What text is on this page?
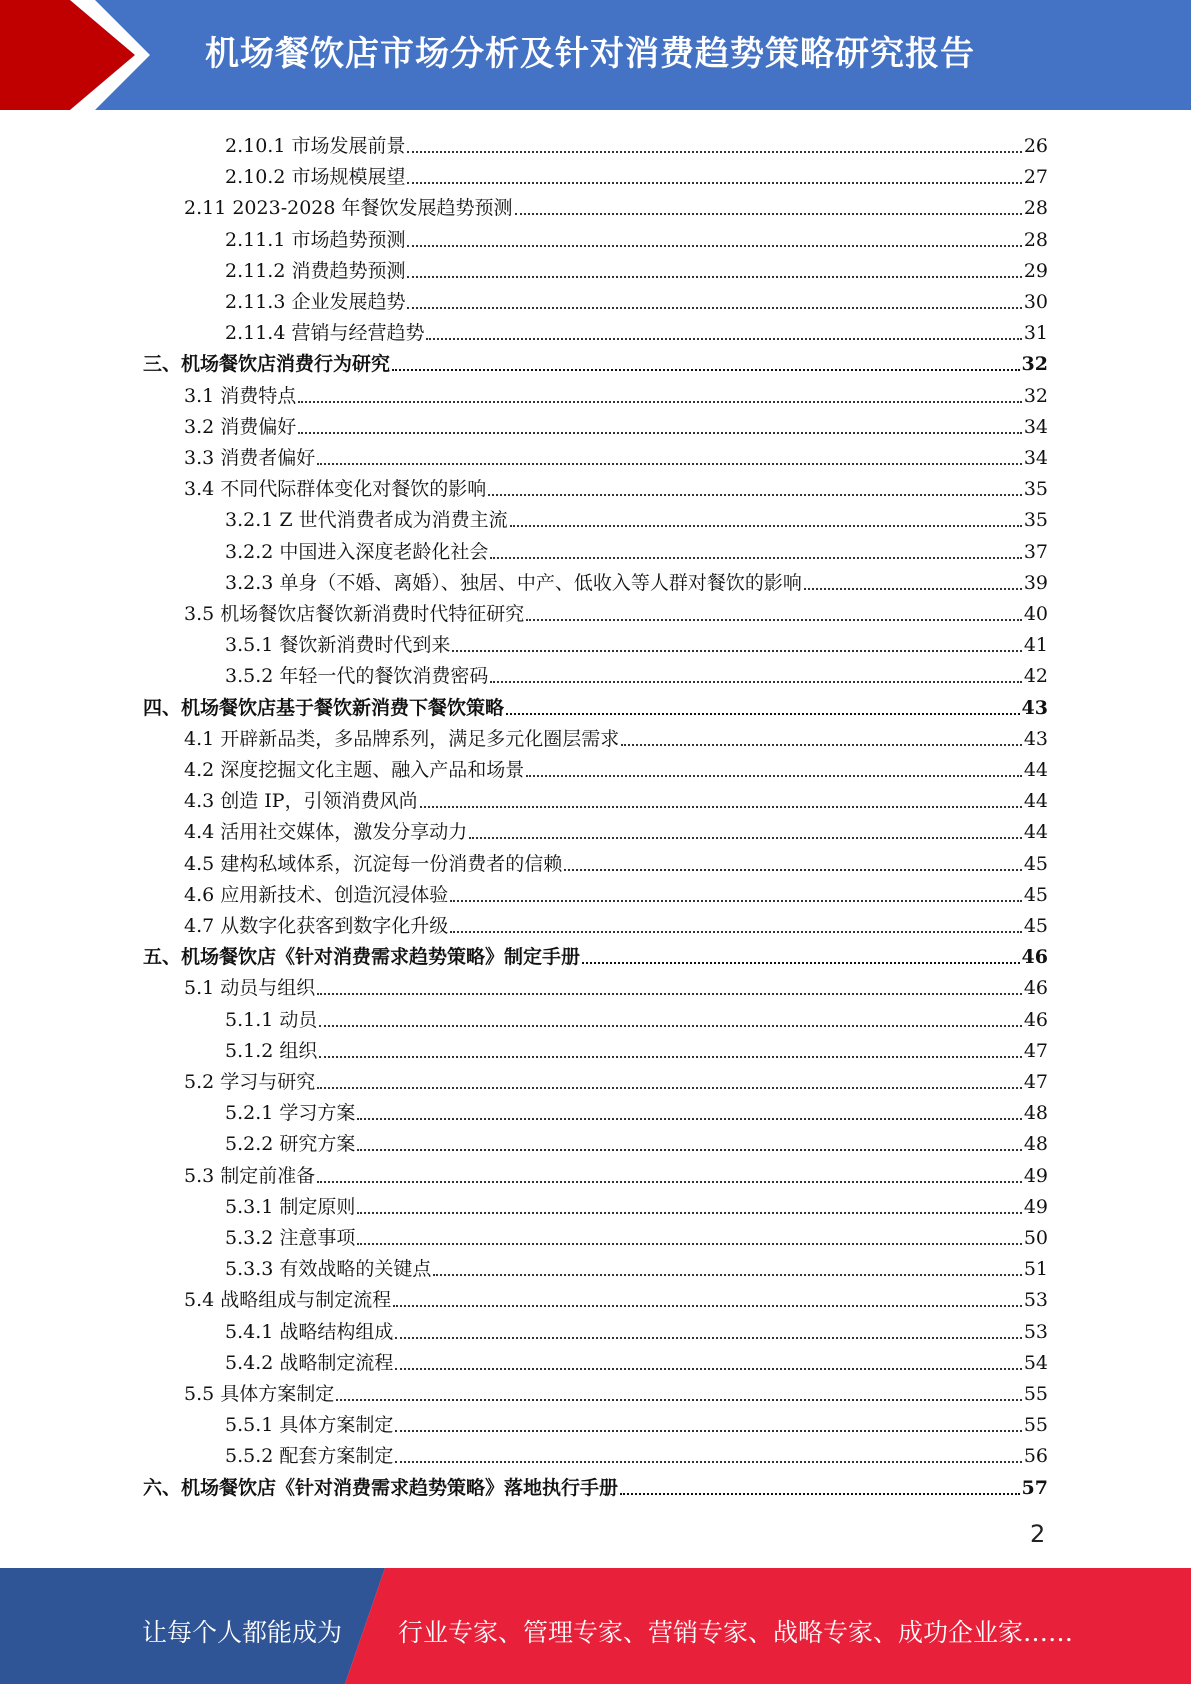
机场餐饮店市场分析及针对消费趋势策略研究报告
2.10.1 市场发展前景	26
2.10.2 市场规模展望	27
2.11 2023-2028 年餐饮发展趋势预测	28
2.11.1 市场趋势预测	28
2.11.2 消费趋势预测	29
2.11.3 企业发展趋势	30
2.11.4 营销与经营趋势	31
三、机场餐饮店消费行为研究	32
3.1 消费特点	32
3.2 消费偏好	34
3.3 消费者偏好	34
3.4 不同代际群体变化对餐饮的影响	35
3.2.1 Z 世代消费者成为消费主流	35
3.2.2 中国进入深度老龄化社会	37
3.2.3 单身（不婚、离婚）、独居、中产、低收入等人群对餐饮的影响	39
3.5 机场餐饮店餐饮新消费时代特征研究	40
3.5.1 餐饮新消费时代到来	41
3.5.2 年轻一代的餐饮消费密码	42
四、机场餐饮店基于餐饮新消费下餐饮策略	43
4.1 开辟新品类，多品牌系列，满足多元化圈层需求	43
4.2 深度挖掘文化主题、融入产品和场景	44
4.3 创造 IP，引领消费风尚	44
4.4 活用社交媒体，激发分享动力	44
4.5 建构私域体系，沉淀每一份消费者的信赖	45
4.6 应用新技术、创造沉浸体验	45
4.7 从数字化获客到数字化升级	45
五、机场餐饮店《针对消费需求趋势策略》制定手册	46
5.1 动员与组织	46
5.1.1 动员	46
5.1.2 组织	47
5.2 学习与研究	47
5.2.1 学习方案	48
5.2.2 研究方案	48
5.3 制定前准备	49
5.3.1 制定原则	49
5.3.2 注意事项	50
5.3.3 有效战略的关键点	51
5.4 战略组成与制定流程	53
5.4.1 战略结构组成	53
5.4.2 战略制定流程	54
5.5 具体方案制定	55
5.5.1 具体方案制定	55
5.5.2 配套方案制定	56
六、机场餐饮店《针对消费需求趋势策略》落地执行手册	57
2
让每个人都能成为 行业专家、管理专家、营销专家、战略专家、成功企业家……
